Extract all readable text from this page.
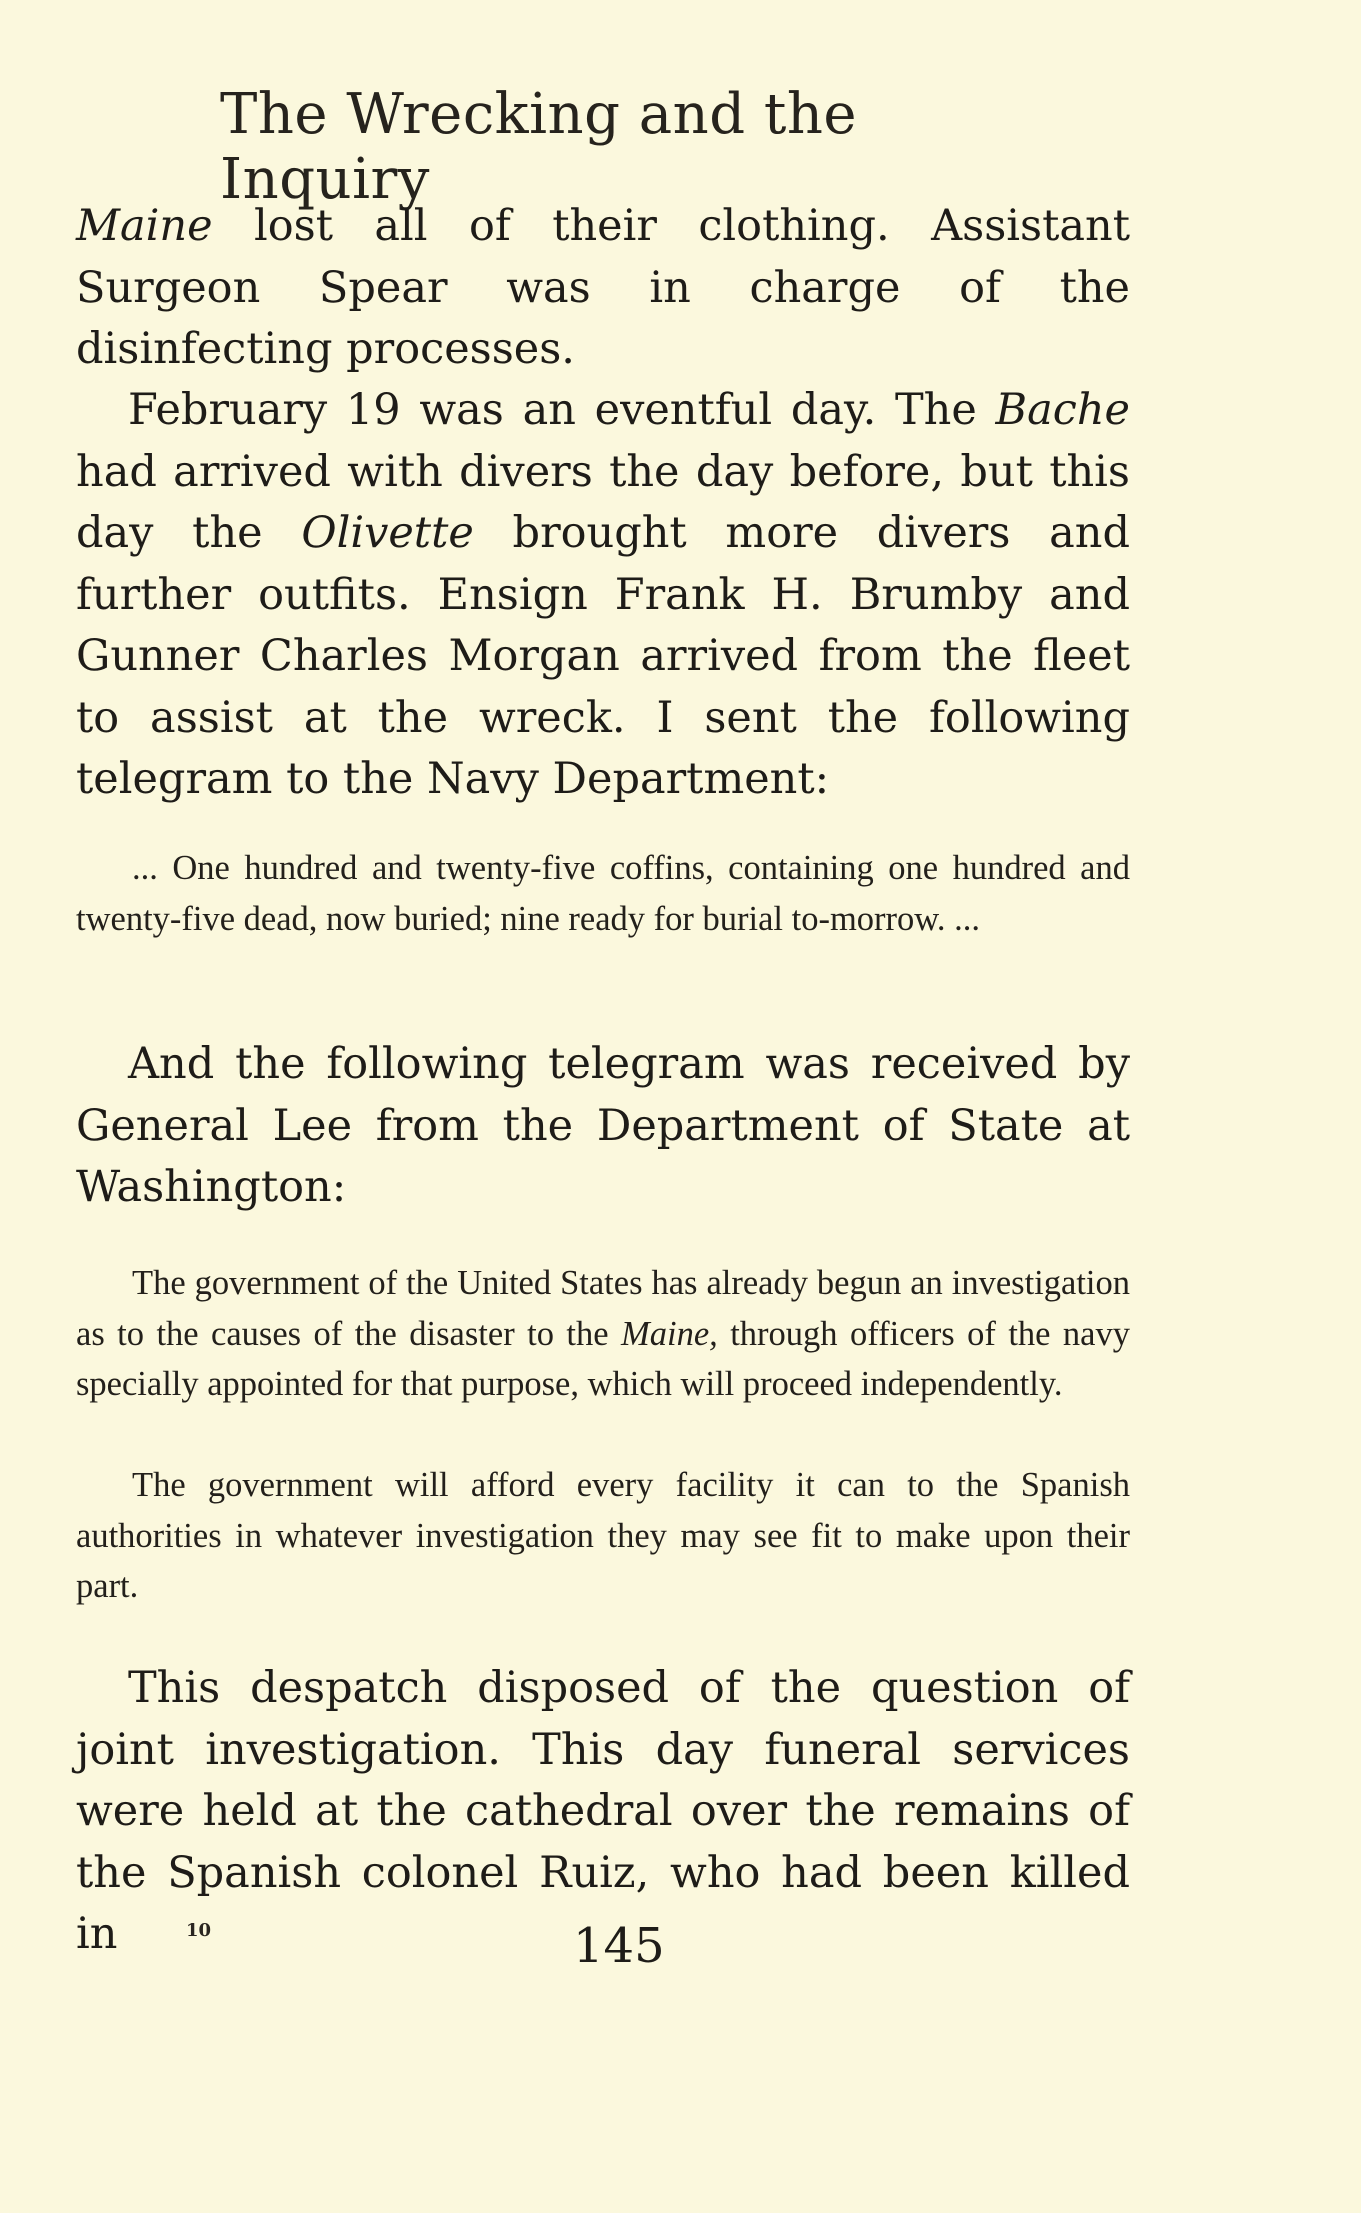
The Wrecking and the Inquiry

Maine lost all of their clothing. Assistant Surgeon Spear was in charge of the disinfecting processes.

February 19 was an eventful day. The Bache had arrived with divers the day before, but this day the Olivette brought more divers and further outfits. Ensign Frank H. Brumby and Gunner Charles Morgan arrived from the fleet to assist at the wreck. I sent the following telegram to the Navy Department:

... One hundred and twenty-five coffins, containing one hundred and twenty-five dead, now buried; nine ready for burial to-morrow. ...

And the following telegram was received by General Lee from the Department of State at Washington:

The government of the United States has already begun an investigation as to the causes of the disaster to the Maine, through officers of the navy specially appointed for that purpose, which will proceed independently.

The government will afford every facility it can to the Spanish authorities in whatever investigation they may see fit to make upon their part.

This despatch disposed of the question of joint investigation. This day funeral services were held at the cathedral over the remains of the Spanish colonel Ruiz, who had been killed in	10	145
